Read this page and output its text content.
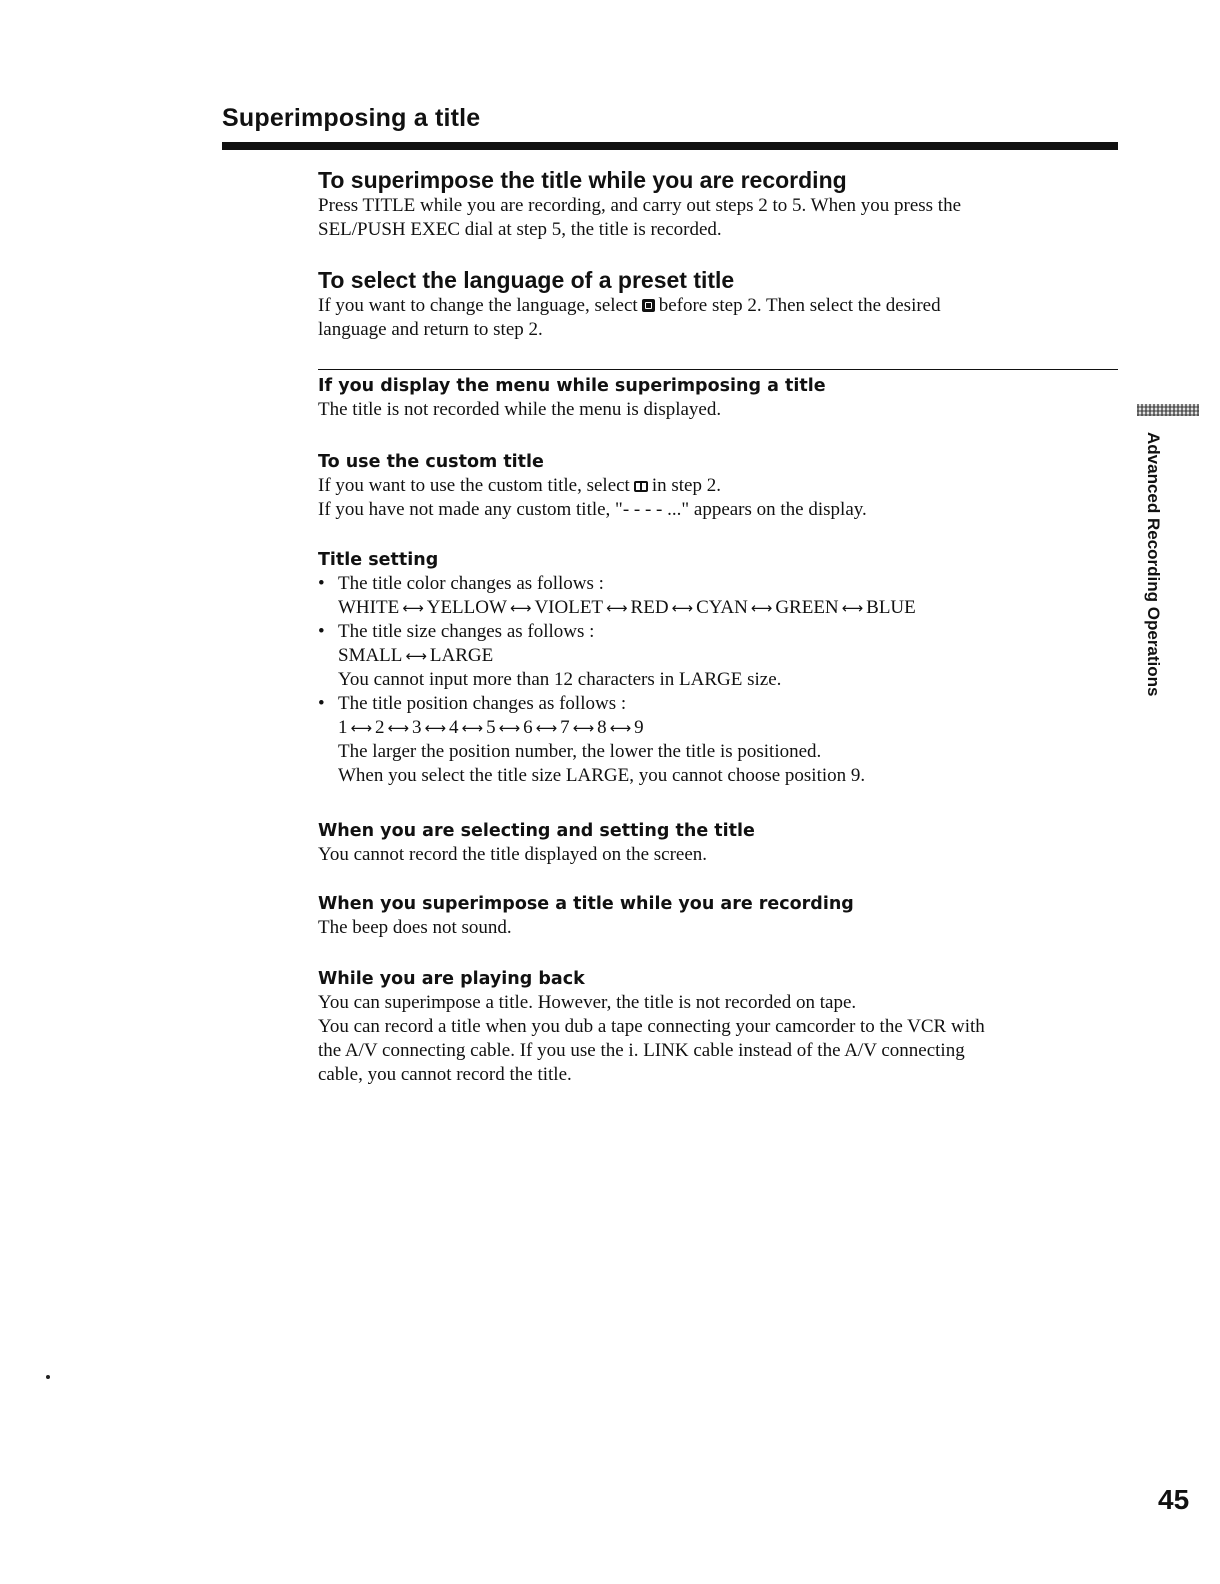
Superimposing a title

To superimpose the title while you are recording

Press TITLE while you are recording, and carry out steps 2 to 5. When you press the
SEL/PUSH EXEC dial at step 5, the title is recorded.

To select the language of a preset title

If you want to change the language, select before step 2. Then select the desired
language and return to step 2.

If you display the menu while superimposing a title

The title is not recorded while the menu is displayed.

To use the custom title

If you want to use the custom title, select in step 2.
If you have not made any custom title, "- - - - ..." appears on the display.

Title setting

• The title color changes as follows :
WHITE ⟷ YELLOW ⟷ VIOLET ⟷ RED ⟷ CYAN ⟷ GREEN ⟷ BLUE
• The title size changes as follows :
SMALL ⟷ LARGE
You cannot input more than 12 characters in LARGE size.
• The title position changes as follows :
1 ⟷ 2 ⟷ 3 ⟷ 4 ⟷ 5 ⟷ 6 ⟷ 7 ⟷ 8 ⟷ 9
The larger the position number, the lower the title is positioned.
When you select the title size LARGE, you cannot choose position 9.

When you are selecting and setting the title

You cannot record the title displayed on the screen.

When you superimpose a title while you are recording

The beep does not sound.

While you are playing back

You can superimpose a title. However, the title is not recorded on tape.
You can record a title when you dub a tape connecting your camcorder to the VCR with
the A/V connecting cable. If you use the i. LINK cable instead of the A/V connecting
cable, you cannot record the title.

Advanced Recording Operations
45
